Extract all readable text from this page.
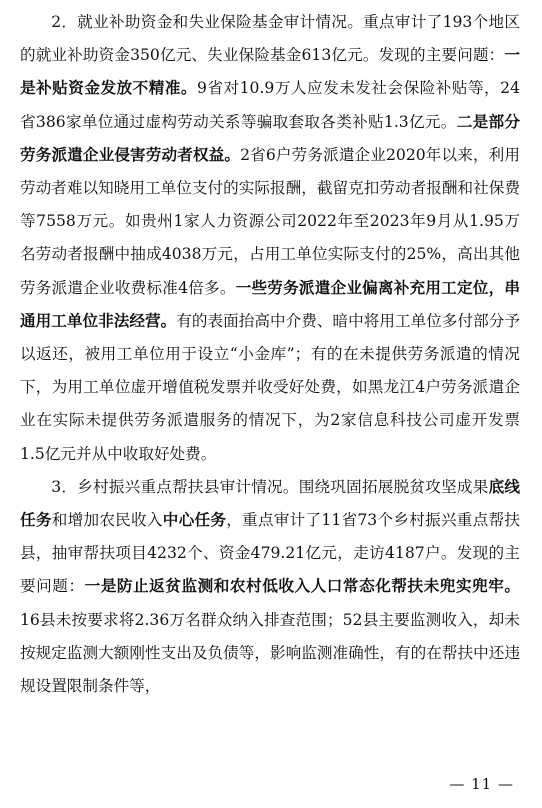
2．就业补助资金和失业保险基金审计情况。重点审计了193个地区的就业补助资金350亿元、失业保险基金613亿元。发现的主要问题：一是补贴资金发放不精准。9省对10.9万人应发未发社会保险补贴等，24省386家单位通过虚构劳动关系等骗取套取各类补贴1.3亿元。二是部分劳务派遣企业侵害劳动者权益。2省6户劳务派遣企业2020年以来，利用劳动者难以知晓用工单位支付的实际报酬，截留克扣劳动者报酬和社保费等7558万元。如贵州1家人力资源公司2022年至2023年9月从1.95万名劳动者报酬中抽成4038万元，占用工单位实际支付的25%，高出其他劳务派遣企业收费标准4倍多。一些劳务派遣企业偏离补充用工定位，串通用工单位非法经营。有的表面抬高中介费、暗中将用工单位多付部分予以返还，被用工单位用于设立“小金库”；有的在未提供劳务派遣的情况下，为用工单位虚开增值税发票并收受好处费，如黑龙江4户劳务派遣企业在实际未提供劳务派遣服务的情况下，为2家信息科技公司虚开发票1.5亿元并从中收取好处费。

3．乡村振兴重点帮扶县审计情况。围绕巩固拓展脱贫攻坚成果底线任务和增加农民收入中心任务，重点审计了11省73个乡村振兴重点帮扶县，抽审帮扶项目4232个、资金479.21亿元，走访4187户。发现的主要问题：一是防止返贫监测和农村低收入人口常态化帮扶未兜实兜牢。16县未按要求将2.36万名群众纳入排查范围；52县主要监测收入，却未按规定监测大额刚性支出及负债等，影响监测准确性，有的在帮扶中还违规设置限制条件等，

— 11 —
